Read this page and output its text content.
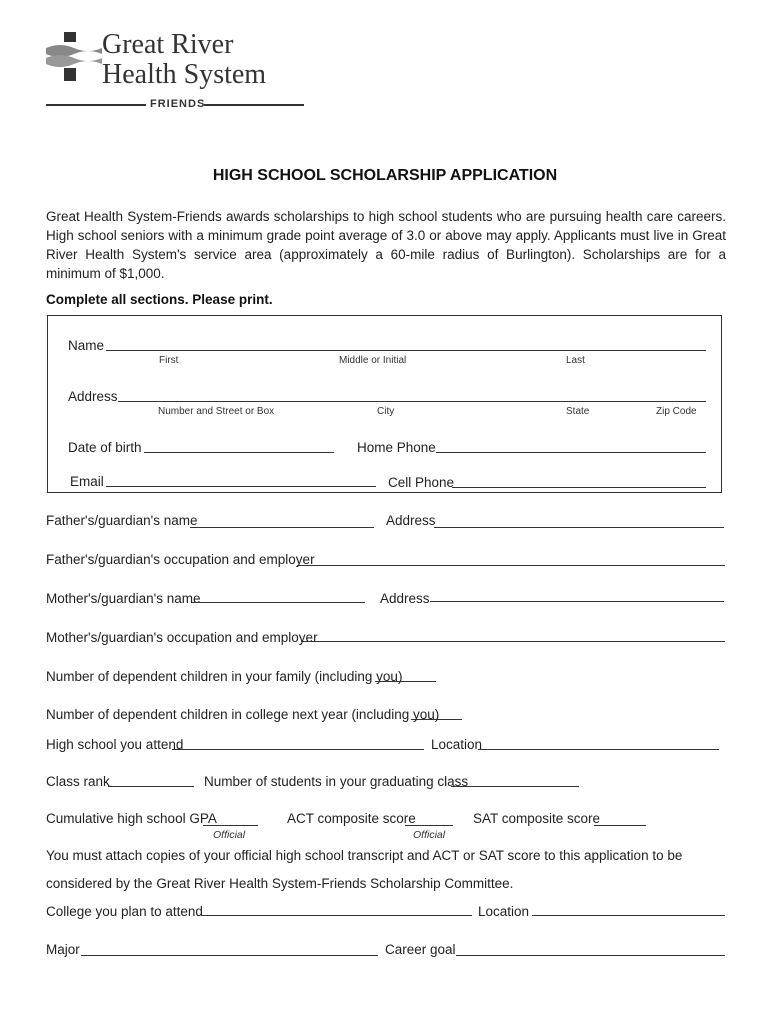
Great River
Health System
FRIENDS
HIGH SCHOOL SCHOLARSHIP APPLICATION
Great Health System-Friends awards scholarships to high school students who are pursuing health care careers. High school seniors with a minimum grade point average of 3.0 or above may apply. Applicants must live in Great River Health System's service area (approximately a 60-mile radius of Burlington). Scholarships are for a minimum of $1,000.
Complete all sections. Please print.
Name
First	Middle or Initial	Last
Address
Number and Street or Box	City	State	Zip Code
Date of birth	Home Phone
Email	Cell Phone
Father's/guardian's name	Address
Father's/guardian's occupation and employer
Mother's/guardian's name	Address
Mother's/guardian's occupation and employer
Number of dependent children in your family (including you)
Number of dependent children in college next year (including you)
High school you attend	Location
Class rank	Number of students in your graduating class
Cumulative high school GPA
Official
ACT composite score
Official
SAT composite score
You must attach copies of your official high school transcript and ACT or SAT score to this application to be
considered by the Great River Health System-Friends Scholarship Committee.
College you plan to attend	Location
Major	Career goal
